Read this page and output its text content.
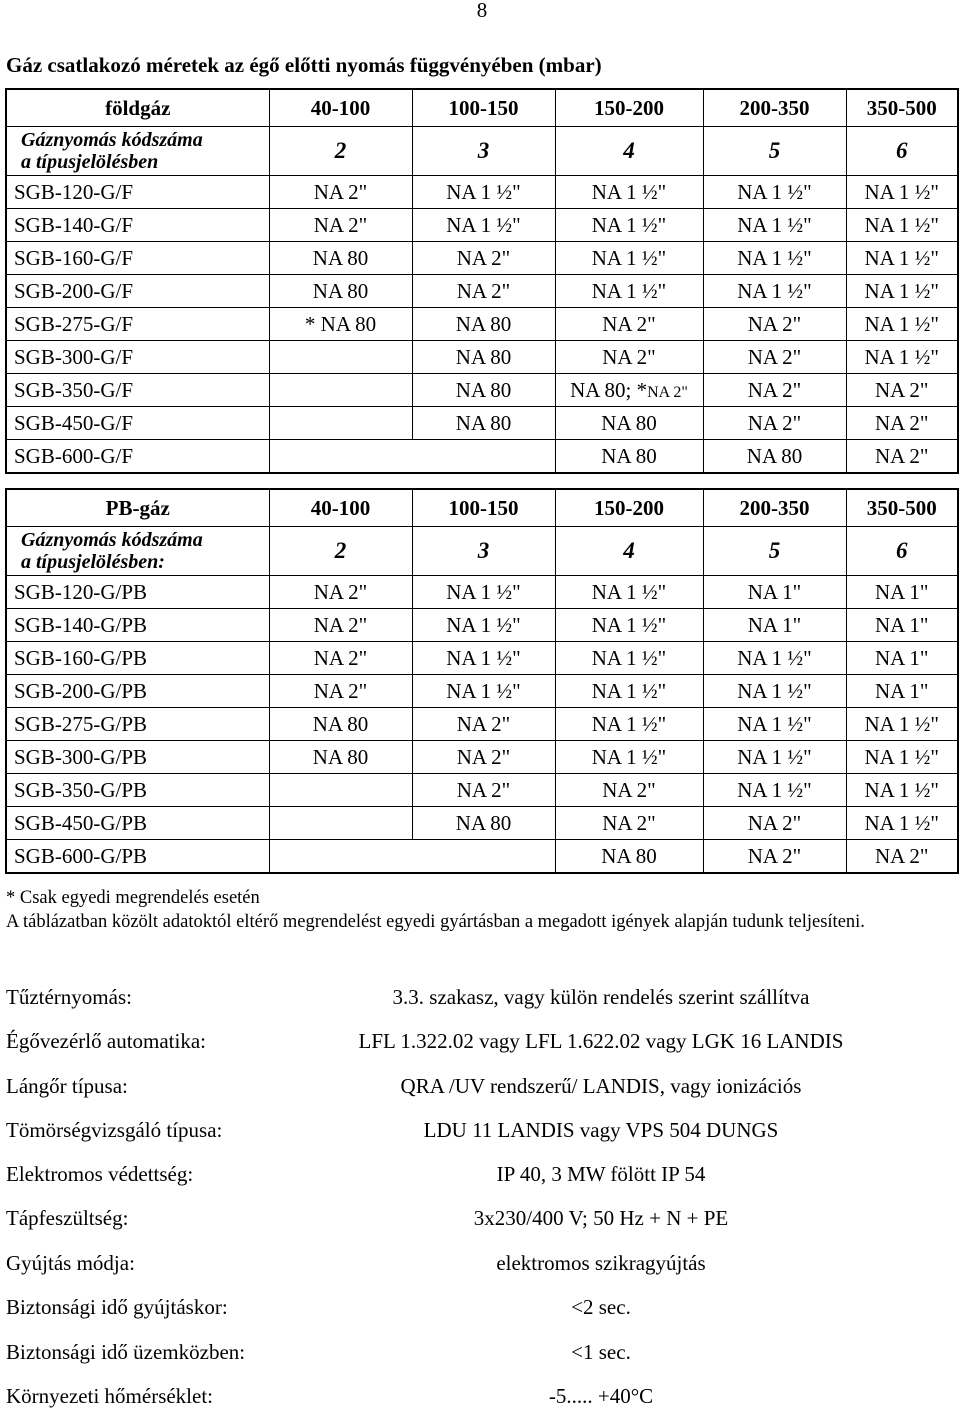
8
Gáz csatlakozó méretek az égő előtti nyomás függvényében (mbar)
földgáz	40-100	100-150	150-200	200-350	350-500

Gáznyomás kódszáma
a típusjelölésben	2	3	4	5	6
SGB-120-G/F	NA 2"	NA 1 ½"	NA 1 ½"	NA 1 ½"	NA 1 ½"
SGB-140-G/F	NA 2"	NA 1 ½"	NA 1 ½"	NA 1 ½"	NA 1 ½"
SGB-160-G/F	NA 80	NA 2"	NA 1 ½"	NA 1 ½"	NA 1 ½"
SGB-200-G/F	NA 80	NA 2"	NA 1 ½"	NA 1 ½"	NA 1 ½"
SGB-275-G/F	* NA 80	NA 80	NA 2"	NA 2"	NA 1 ½"
SGB-300-G/F		NA 80	NA 2"	NA 2"	NA 1 ½"
SGB-350-G/F		NA 80	NA 80; *NA 2"	NA 2"	NA 2"
SGB-450-G/F		NA 80	NA 80	NA 2"	NA 2"
SGB-600-G/F			NA 80	NA 80	NA 2"
PB-gáz	40-100	100-150	150-200	200-350	350-500

Gáznyomás kódszáma
a típusjelölésben:	2	3	4	5	6
SGB-120-G/PB	NA 2"	NA 1 ½"	NA 1 ½"	NA 1"	NA 1"
SGB-140-G/PB	NA 2"	NA 1 ½"	NA 1 ½"	NA 1"	NA 1"
SGB-160-G/PB	NA 2"	NA 1 ½"	NA 1 ½"	NA 1 ½"	NA 1"
SGB-200-G/PB	NA 2"	NA 1 ½"	NA 1 ½"	NA 1 ½"	NA 1"
SGB-275-G/PB	NA 80	NA 2"	NA 1 ½"	NA 1 ½"	NA 1 ½"
SGB-300-G/PB	NA 80	NA 2"	NA 1 ½"	NA 1 ½"	NA 1 ½"
SGB-350-G/PB		NA 2"	NA 2"	NA 1 ½"	NA 1 ½"
SGB-450-G/PB		NA 80	NA 2"	NA 2"	NA 1 ½"
SGB-600-G/PB			NA 80	NA 2"	NA 2"
* Csak egyedi megrendelés esetén
A táblázatban közölt adatoktól eltérő megrendelést egyedi gyártásban a megadott igények alapján tudunk teljesíteni.
Tűztérnyomás:	3.3. szakasz, vagy külön rendelés szerint szállítva
Égővezérlő automatika:	LFL 1.322.02 vagy LFL 1.622.02 vagy LGK 16 LANDIS
Lángőr típusa:	QRA /UV rendszerű/ LANDIS, vagy ionizációs
Tömörségvizsgáló típusa:	LDU 11 LANDIS vagy VPS 504 DUNGS
Elektromos védettség:	IP 40, 3 MW fölött IP 54
Tápfeszültség:	3x230/400 V; 50 Hz + N + PE
Gyújtás módja:	elektromos szikragyújtás
Biztonsági idő gyújtáskor:	<2 sec.
Biztonsági idő üzemközben:	<1 sec.
Környezeti hőmérséklet:	-5..... +40°C
